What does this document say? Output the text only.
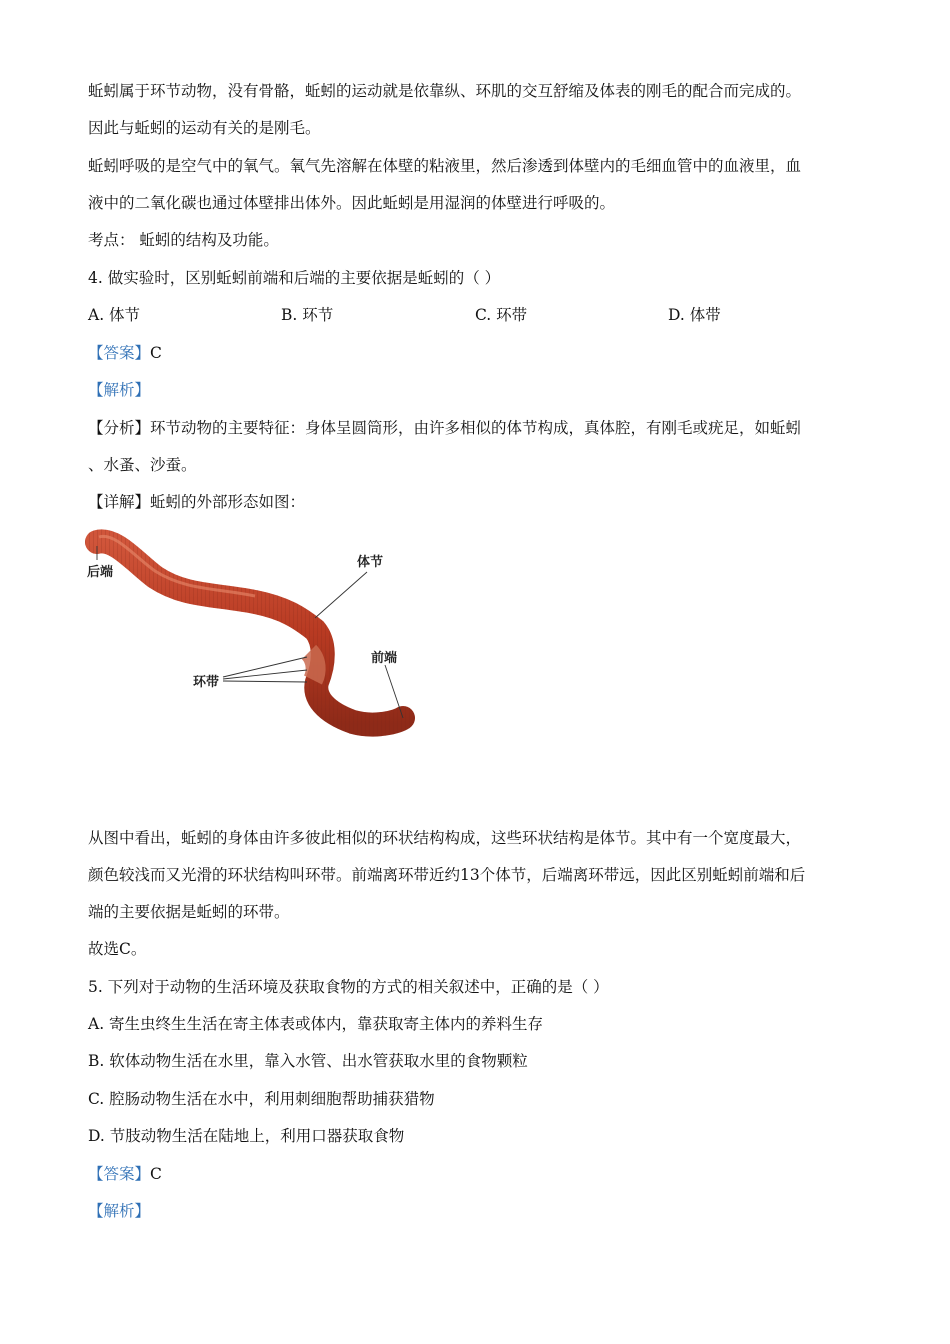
蚯蚓属于环节动物，没有骨骼，蚯蚓的运动就是依靠纵、环肌的交互舒缩及体表的刚毛的配合而完成的。

因此与蚯蚓的运动有关的是刚毛。

蚯蚓呼吸的是空气中的氧气。氧气先溶解在体壁的粘液里，然后渗透到体壁内的毛细血管中的血液里，血

液中的二氧化碳也通过体壁排出体外。因此蚯蚓是用湿润的体壁进行呼吸的。

考点： 蚯蚓的结构及功能。

4. 做实验时，区别蚯蚓前端和后端的主要依据是蚯蚓的（ ）

A. 体节	B. 环节	C. 环带	D. 体带

【答案】C

【解析】

【分析】环节动物的主要特征：身体呈圆筒形，由许多相似的体节构成，真体腔，有刚毛或疣足，如蚯蚓

、水蚤、沙蚕。

【详解】蚯蚓的外部形态如图：

后端
体节
环带
前端

从图中看出，蚯蚓的身体由许多彼此相似的环状结构构成，这些环状结构是体节。其中有一个宽度最大，

颜色较浅而又光滑的环状结构叫环带。前端离环带近约13个体节，后端离环带远，因此区别蚯蚓前端和后

端的主要依据是蚯蚓的环带。

故选C。

5. 下列对于动物的生活环境及获取食物的方式的相关叙述中，正确的是（ ）

A. 寄生虫终生生活在寄主体表或体内，靠获取寄主体内的养料生存

B. 软体动物生活在水里，靠入水管、出水管获取水里的食物颗粒

C. 腔肠动物生活在水中，利用刺细胞帮助捕获猎物

D. 节肢动物生活在陆地上，利用口器获取食物

【答案】C

【解析】
